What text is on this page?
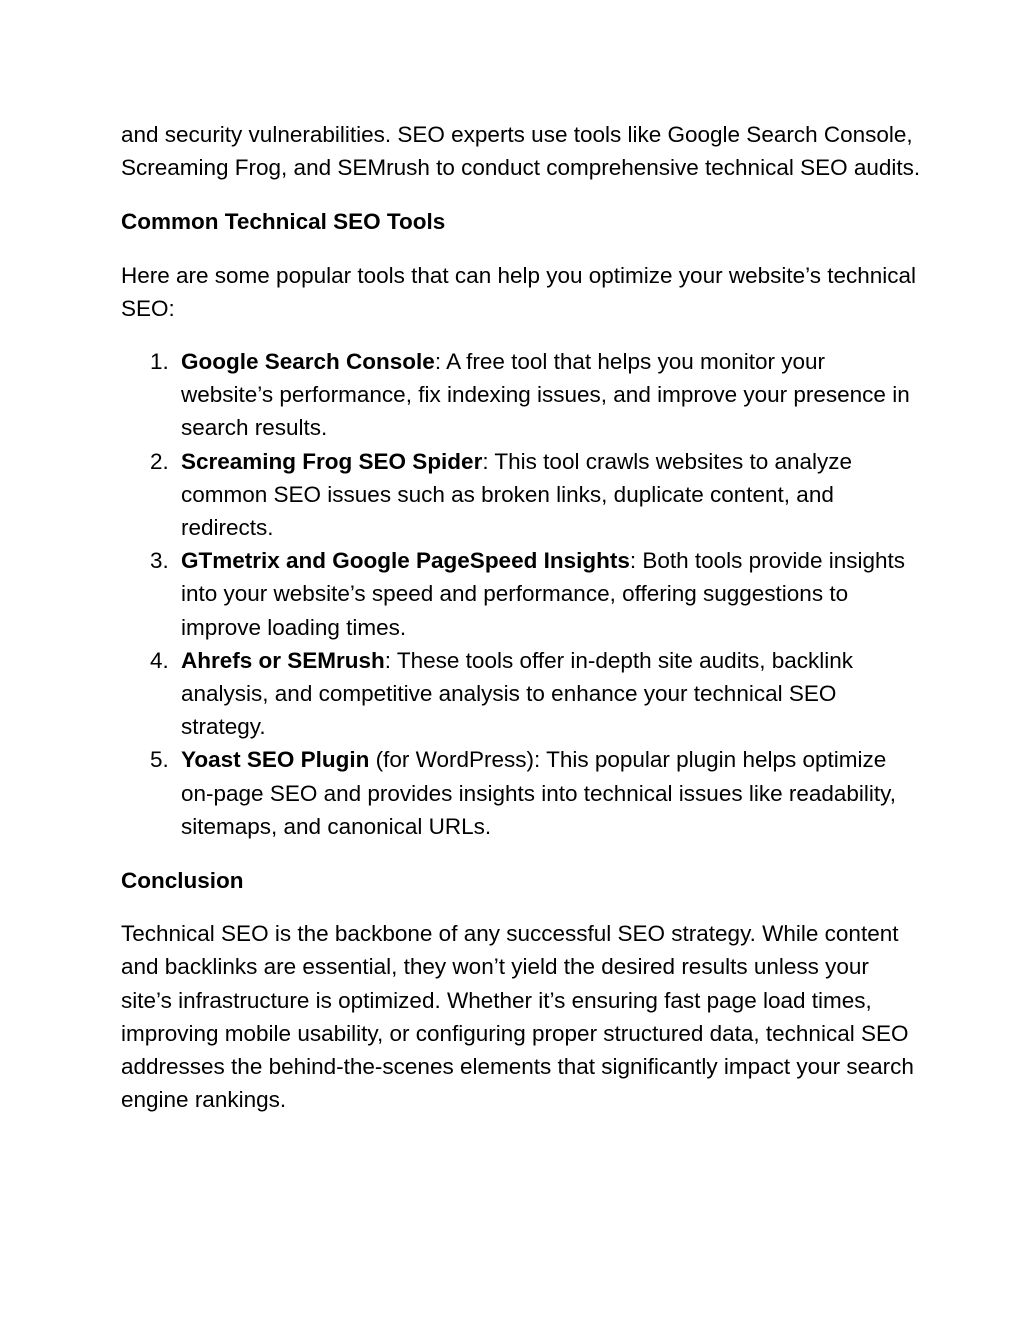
and security vulnerabilities. SEO experts use tools like Google Search Console, Screaming Frog, and SEMrush to conduct comprehensive technical SEO audits.

Common Technical SEO Tools

Here are some popular tools that can help you optimize your website’s technical SEO:

1. Google Search Console: A free tool that helps you monitor your website’s performance, fix indexing issues, and improve your presence in search results.
2. Screaming Frog SEO Spider: This tool crawls websites to analyze common SEO issues such as broken links, duplicate content, and redirects.
3. GTmetrix and Google PageSpeed Insights: Both tools provide insights into your website’s speed and performance, offering suggestions to improve loading times.
4. Ahrefs or SEMrush: These tools offer in-depth site audits, backlink analysis, and competitive analysis to enhance your technical SEO strategy.
5. Yoast SEO Plugin (for WordPress): This popular plugin helps optimize on-page SEO and provides insights into technical issues like readability, sitemaps, and canonical URLs.

Conclusion

Technical SEO is the backbone of any successful SEO strategy. While content and backlinks are essential, they won’t yield the desired results unless your site’s infrastructure is optimized. Whether it’s ensuring fast page load times, improving mobile usability, or configuring proper structured data, technical SEO addresses the behind-the-scenes elements that significantly impact your search engine rankings.
